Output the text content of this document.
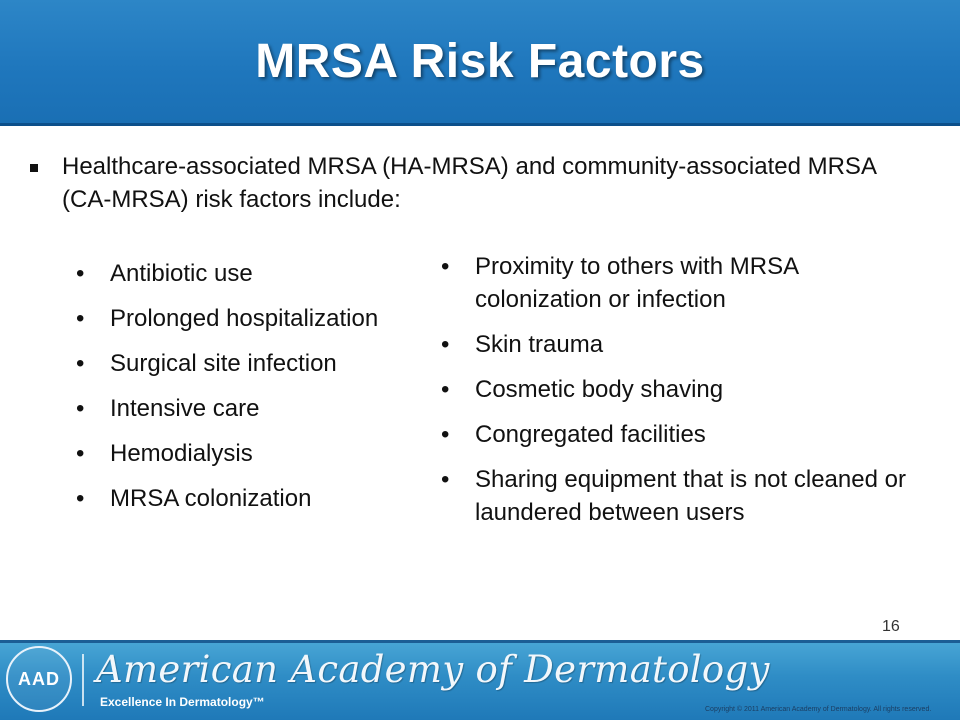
MRSA Risk Factors
Healthcare-associated MRSA (HA-MRSA) and community-associated MRSA (CA-MRSA) risk factors include:
• Antibiotic use
• Prolonged hospitalization
• Surgical site infection
• Intensive care
• Hemodialysis
• MRSA colonization
• Proximity to others with MRSA colonization or infection
• Skin trauma
• Cosmetic body shaving
• Congregated facilities
• Sharing equipment that is not cleaned or laundered between users
16
AAD American Academy of Dermatology
Excellence In Dermatology™
Copyright © 2011 American Academy of Dermatology. All rights reserved.
